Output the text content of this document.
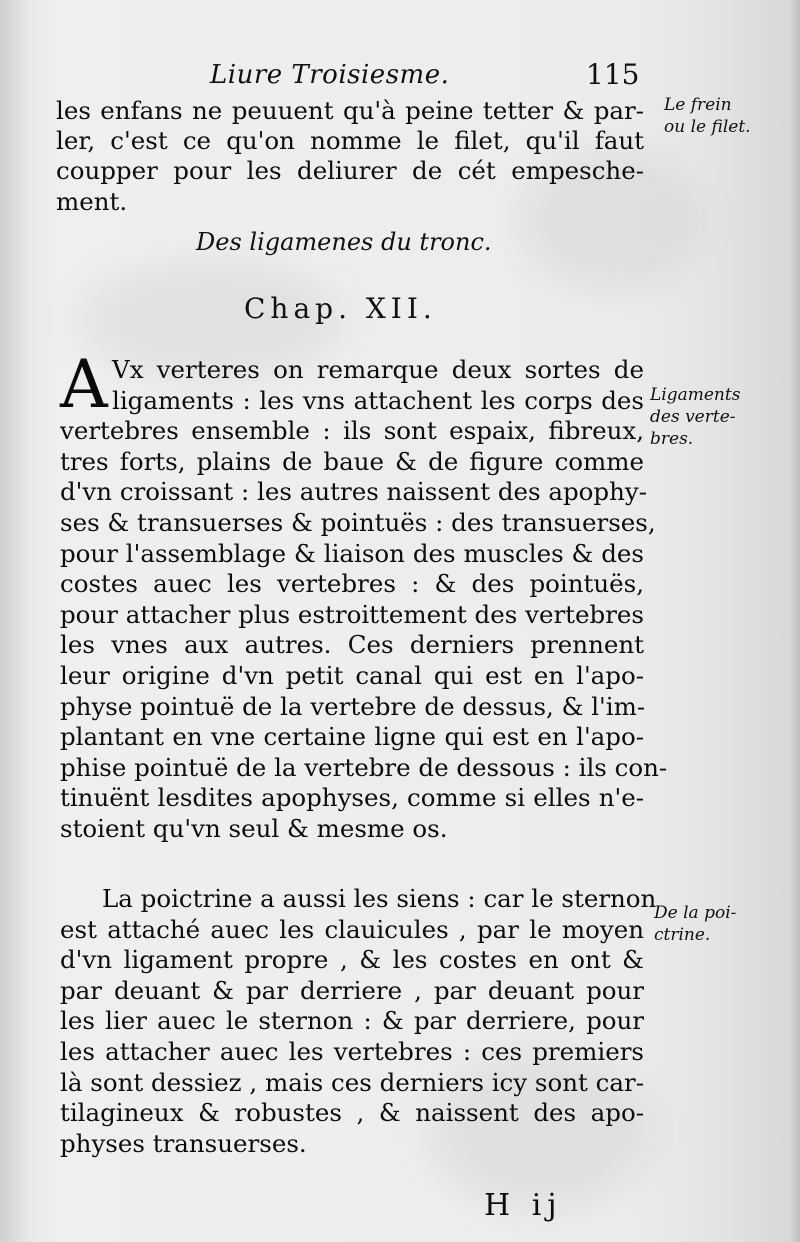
Liure Troisiesme.	115
les enfans ne peuuent qu'à peine tetter & par-
ler, c'est ce qu'on nomme le filet, qu'il faut
coupper pour les deliurer de cét empesche-
ment.
Des ligamenes du tronc.
Chap. XII.
A Vx verteres on remarque deux sortes de
ligaments : les vns attachent les corps des
vertebres ensemble : ils sont espaix, fibreux,
tres forts, plains de baue & de figure comme
d'vn croissant : les autres naissent des apophy-
ses & transuerses & pointuës : des transuerses,
pour l'assemblage & liaison des muscles & des
costes auec les vertebres : & des pointuës,
pour attacher plus estroittement des vertebres
les vnes aux autres. Ces derniers prennent
leur origine d'vn petit canal qui est en l'apo-
physe pointuë de la vertebre de dessus, & l'im-
plantant en vne certaine ligne qui est en l'apo-
phise pointuë de la vertebre de dessous : ils con-
tinuënt lesdites apophyses, comme si elles n'e-
stoient qu'vn seul & mesme os.
La poictrine a aussi les siens : car le sternon
est attaché auec les clauicules , par le moyen
d'vn ligament propre , & les costes en ont &
par deuant & par derriere , par deuant pour
les lier auec le sternon : & par derriere, pour
les attacher auec les vertebres : ces premiers
là sont dessiez , mais ces derniers icy sont car-
tilagineux & robustes , & naissent des apo-
physes transuerses.
Le frein
ou le filet.
Ligaments
des verte-
bres.
De la poi-
ctrine.
H ij
